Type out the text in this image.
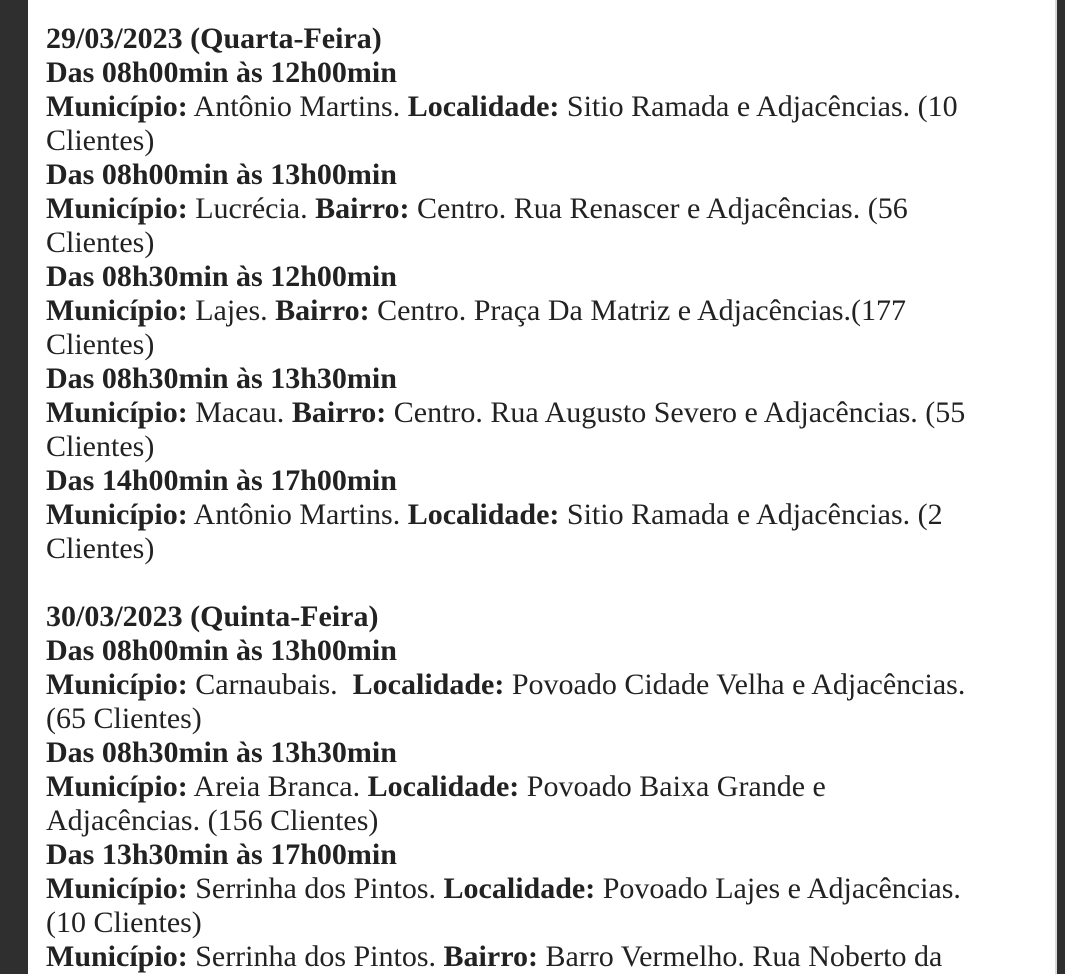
29/03/2023 (Quarta-Feira)
Das 08h00min às 12h00min
Município: Antônio Martins. Localidade: Sitio Ramada e Adjacências. (10
Clientes)
Das 08h00min às 13h00min
Município: Lucrécia. Bairro: Centro. Rua Renascer e Adjacências. (56
Clientes)
Das 08h30min às 12h00min
Município: Lajes. Bairro: Centro. Praça Da Matriz e Adjacências.(177
Clientes)
Das 08h30min às 13h30min
Município: Macau. Bairro: Centro. Rua Augusto Severo e Adjacências. (55
Clientes)
Das 14h00min às 17h00min
Município: Antônio Martins. Localidade: Sitio Ramada e Adjacências. (2
Clientes)
30/03/2023 (Quinta-Feira)
Das 08h00min às 13h00min
Município: Carnaubais.  Localidade: Povoado Cidade Velha e Adjacências.
(65 Clientes)
Das 08h30min às 13h30min
Município: Areia Branca. Localidade: Povoado Baixa Grande e
Adjacências. (156 Clientes)
Das 13h30min às 17h00min
Município: Serrinha dos Pintos. Localidade: Povoado Lajes e Adjacências.
(10 Clientes)
Município: Serrinha dos Pintos. Bairro: Barro Vermelho. Rua Noberto da
